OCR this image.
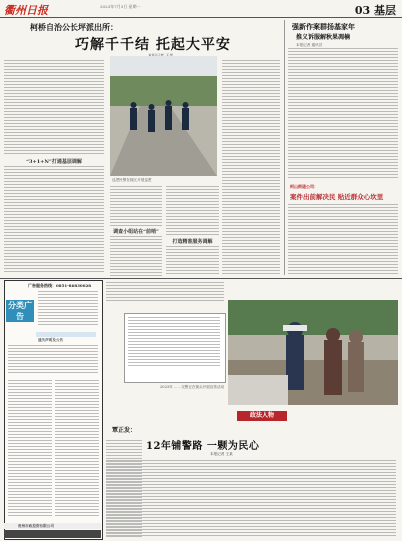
衢州日报	2023年7月3日 星期一	03 基层
柯桥自治公长坪派出所：
巧解千千结 托起大平安
“3+1+N”打通基层调解
巡逻民警在辖区开展巡逻
调查小组站在“前哨”
打造精准服务调解
强新作案群扬基家年
推义诉服解秋果凋楠
本报记者 通讯员
柯山街道公司：
案件出前解决民 贴近群众心坎里
广告服务热线：0851-86830028
分类广告
遗失声明及公告
贵州市政投资有限公司
2023年 ……交警正在街头开展宣传活动
政法人物
覃正发：
12年铺警路 一颗为民心
本报记者 王某
